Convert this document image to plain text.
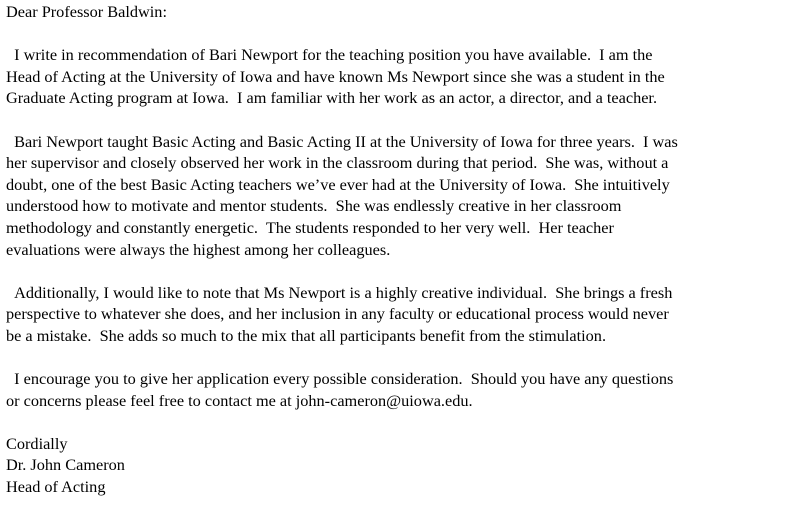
Dear Professor Baldwin:
I write in recommendation of Bari Newport for the teaching position you have available.  I am the
Head of Acting at the University of Iowa and have known Ms Newport since she was a student in the
Graduate Acting program at Iowa.  I am familiar with her work as an actor, a director, and a teacher.
Bari Newport taught Basic Acting and Basic Acting II at the University of Iowa for three years.  I was
her supervisor and closely observed her work in the classroom during that period.  She was, without a
doubt, one of the best Basic Acting teachers we’ve ever had at the University of Iowa.  She intuitively
understood how to motivate and mentor students.  She was endlessly creative in her classroom
methodology and constantly energetic.  The students responded to her very well.  Her teacher
evaluations were always the highest among her colleagues.
Additionally, I would like to note that Ms Newport is a highly creative individual.  She brings a fresh
perspective to whatever she does, and her inclusion in any faculty or educational process would never
be a mistake.  She adds so much to the mix that all participants benefit from the stimulation.
I encourage you to give her application every possible consideration.  Should you have any questions
or concerns please feel free to contact me at john-cameron@uiowa.edu.
Cordially
Dr. John Cameron
Head of Acting
